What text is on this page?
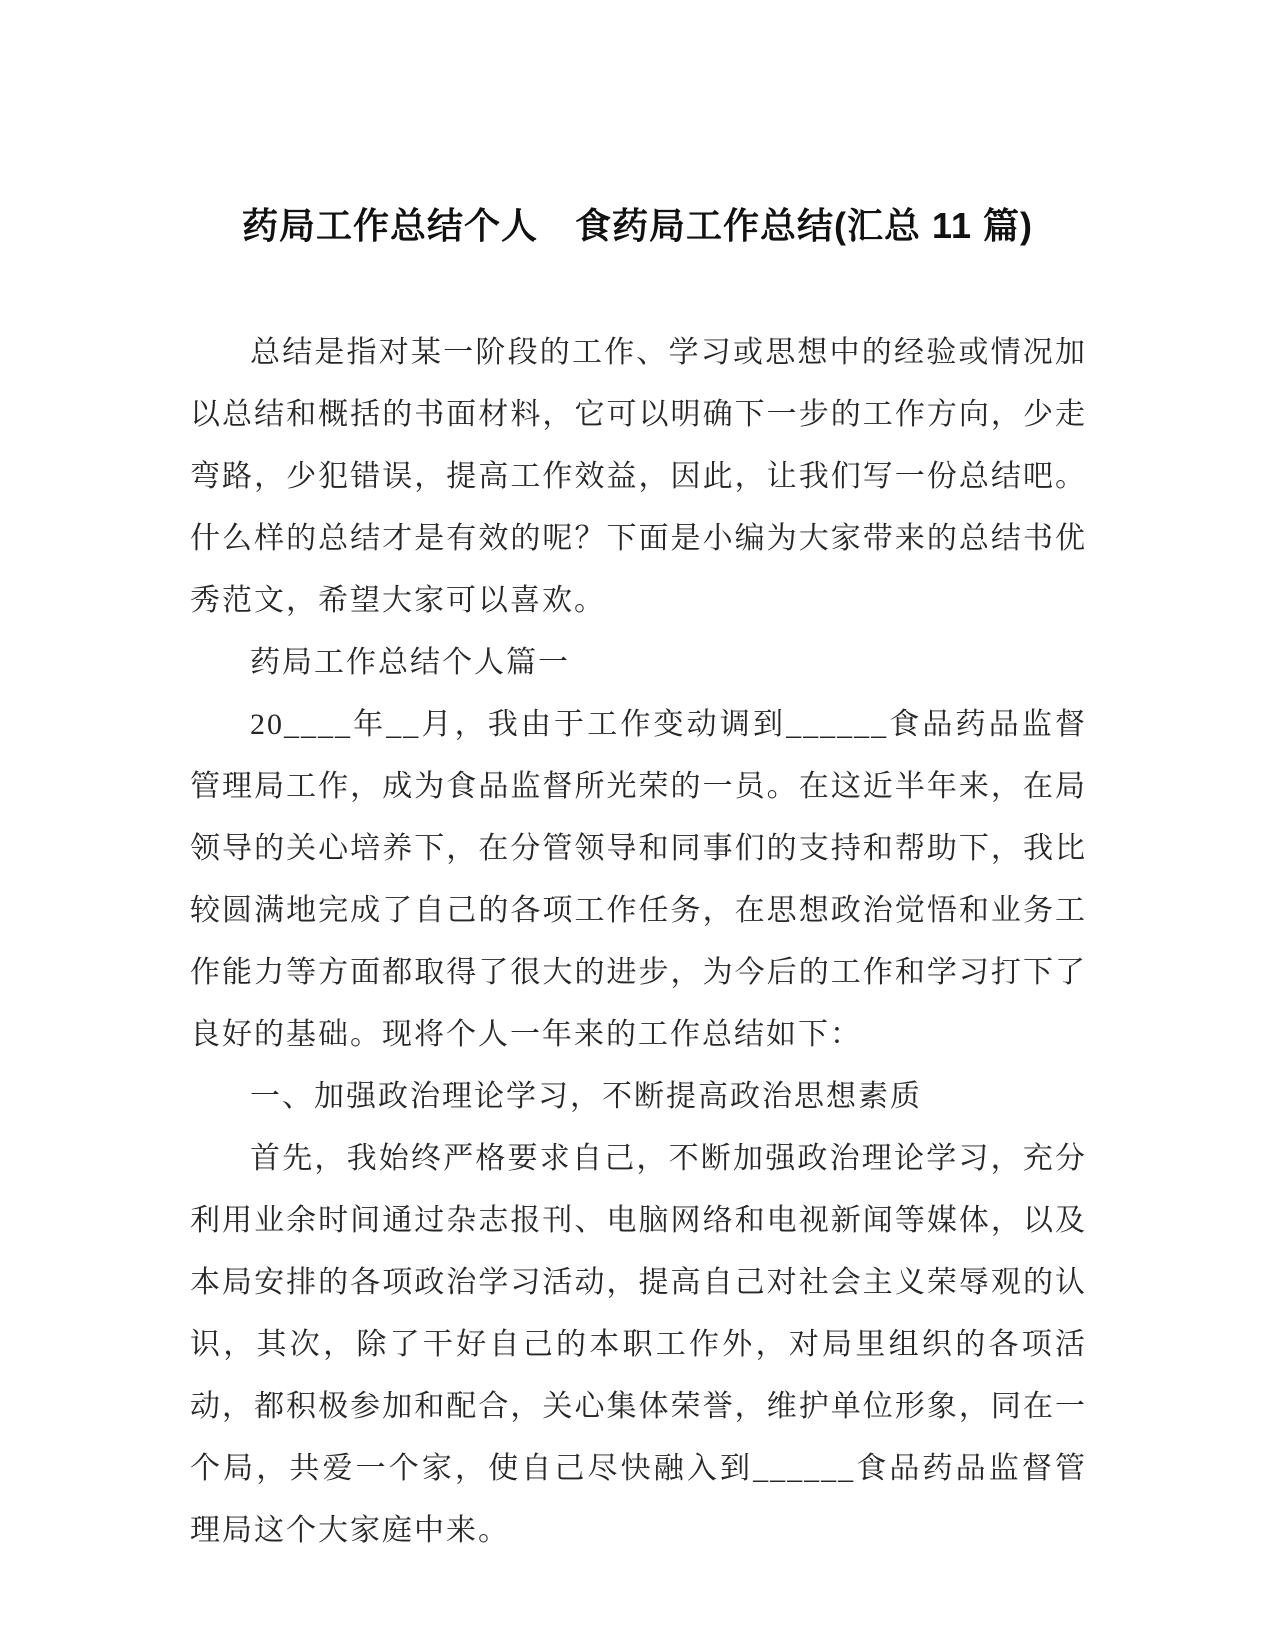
药局工作总结个人　食药局工作总结(汇总 11 篇)

总结是指对某一阶段的工作、学习或思想中的经验或情况加以总结和概括的书面材料，它可以明确下一步的工作方向，少走弯路，少犯错误，提高工作效益，因此，让我们写一份总结吧。什么样的总结才是有效的呢？下面是小编为大家带来的总结书优秀范文，希望大家可以喜欢。

药局工作总结个人篇一

20____年__月，我由于工作变动调到______食品药品监督管理局工作，成为食品监督所光荣的一员。在这近半年来，在局领导的关心培养下，在分管领导和同事们的支持和帮助下，我比较圆满地完成了自己的各项工作任务，在思想政治觉悟和业务工作能力等方面都取得了很大的进步，为今后的工作和学习打下了良好的基础。现将个人一年来的工作总结如下：

一、加强政治理论学习，不断提高政治思想素质

首先，我始终严格要求自己，不断加强政治理论学习，充分利用业余时间通过杂志报刊、电脑网络和电视新闻等媒体，以及本局安排的各项政治学习活动，提高自己对社会主义荣辱观的认识，其次，除了干好自己的本职工作外，对局里组织的各项活动，都积极参加和配合，关心集体荣誉，维护单位形象，同在一个局，共爱一个家，使自己尽快融入到______食品药品监督管理局这个大家庭中来。
